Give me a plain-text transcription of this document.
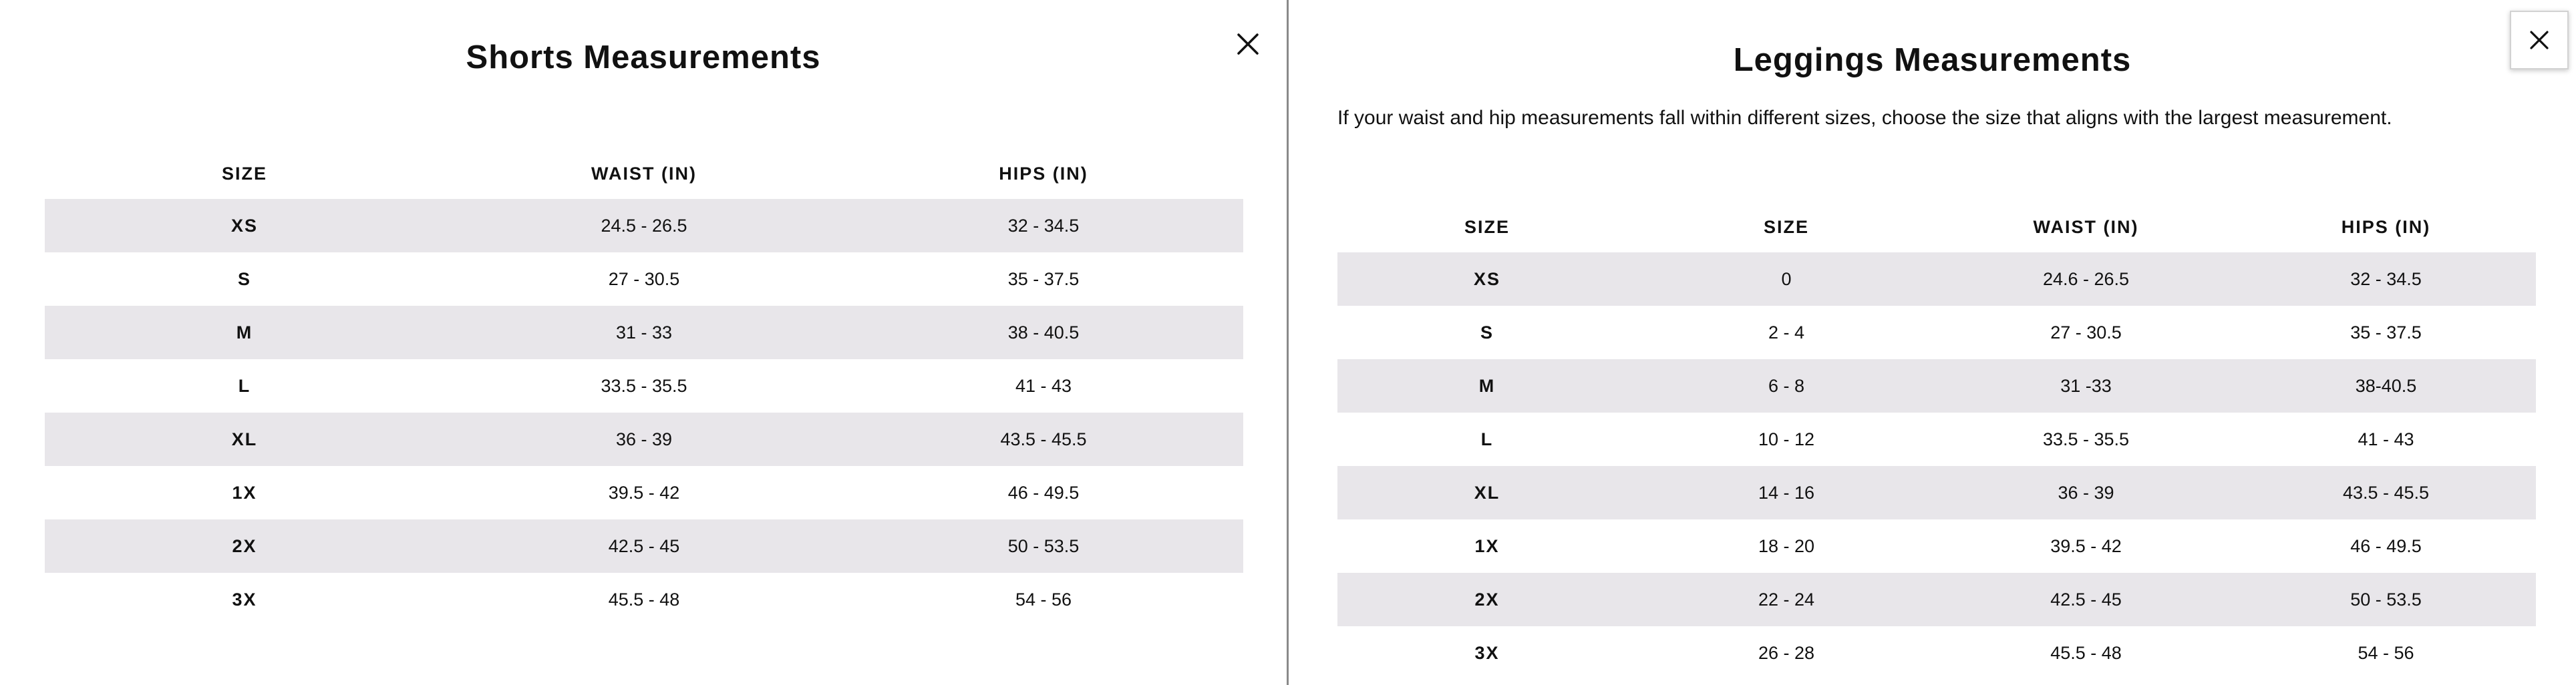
Shorts Measurements
SIZE	WAIST (IN)	HIPS (IN)
XS	24.5 - 26.5	32 - 34.5
S	27 - 30.5	35 - 37.5
M	31 - 33	38 - 40.5
L	33.5 - 35.5	41 - 43
XL	36 - 39	43.5 - 45.5
1X	39.5 - 42	46 - 49.5
2X	42.5 - 45	50 - 53.5
3X	45.5 - 48	54 - 56
Leggings Measurements

If your waist and hip measurements fall within different sizes, choose the size that aligns with the largest measurement.

SIZE	SIZE	WAIST (IN)	HIPS (IN)
XS	0	24.6 - 26.5	32 - 34.5
S	2 - 4	27 - 30.5	35 - 37.5
M	6 - 8	31 -33	38-40.5
L	10 - 12	33.5 - 35.5	41 - 43
XL	14 - 16	36 - 39	43.5 - 45.5
1X	18 - 20	39.5 - 42	46 - 49.5
2X	22 - 24	42.5 - 45	50 - 53.5
3X	26 - 28	45.5 - 48	54 - 56
